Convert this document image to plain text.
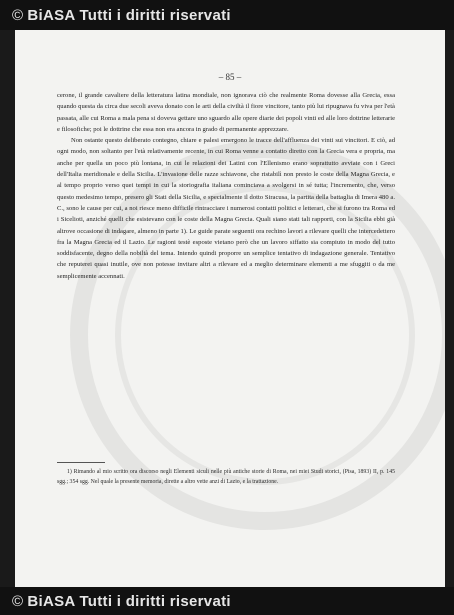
© BiASA Tutti i diritti riservati
– 85 –

cerone, il grande cavaliere della letteratura latina mondiale, non ignorava ciò che realmente Roma dovesse alla Grecia, essa quando questa da circa due secoli aveva donato con le arti della civiltà il fiore vincitore, tanto più lui ripugnava fu viva per l'età passata, alle cui Roma a mala pena si doveva gettare uno sguardo alle opere diarie dei popoli vinti ed alle loro dottrine letterarie e filosofiche; poi le dottrine che essa non era ancora in grado di permanente apprezzare.

Non ostante questo deliberato contegno, chiare e palesi emergono le tracce dell'affluenza dei vinti sui vincitori. E ciò, ad ogni modo, non soltanto per l'età relativamente recente, in cui Roma venne a contatto diretto con la Grecia vera e propria, ma anche per quella un poco più lontana, in cui le relazioni dei Latini con l'Ellenismo erano soprattutto avviate con i Greci dell'Italia meridionale e della Sicilia. L'invasione delle razze schiavone, che ristabilì non presto le coste della Magna Grecia, e al tempo proprio verso quei tempi in cui la storiografia italiana cominciava a svolgersi in sé tutta; l'incremento, che, verso questo medesimo tempo, presero gli Stati della Sicilia, e specialmente il dotto Siracusa, la partita della battaglia di Imera 480 a. C., sono le cause per cui, a noi riesce meno difficile rintracciare i numerosi contatti politici e letterari, che si furono tra Roma ed i Sicelioti, anziché quelli che esistevano con le coste della Magna Grecia. Quali siano stati tali rapporti, con la Sicilia ebbi già altrove occasione di indagare, almeno in parte 1). Le guide parate seguenti ora rechino lavori a rilevare quelli che intercedettero fra la Magna Grecia ed il Lazio. Le ragioni testè esposte vietano però che un lavoro siffatto sia compiuto in modo del tutto soddisfacente, degno della nobiltà del tema. Intendo quindi proporre un semplice tentativo di indagazione generale. Tentativo che reputerei quasi inutile, ove non potesse invitare altri a rilevare ed a meglio determinare elementi a me sfuggiti o da me semplicemente accennati.

1) Rimando al mio scritto ora discorso negli Elementi siculi nelle più antiche storie di Roma, nei miei Studi storici, (Pisa, 1893) II, p. 145 sgg.; 354 sgg. Nel quale la presente memoria, dirette a altro vette anzi di Lazio, e la trattazione.
© BiASA Tutti i diritti riservati
